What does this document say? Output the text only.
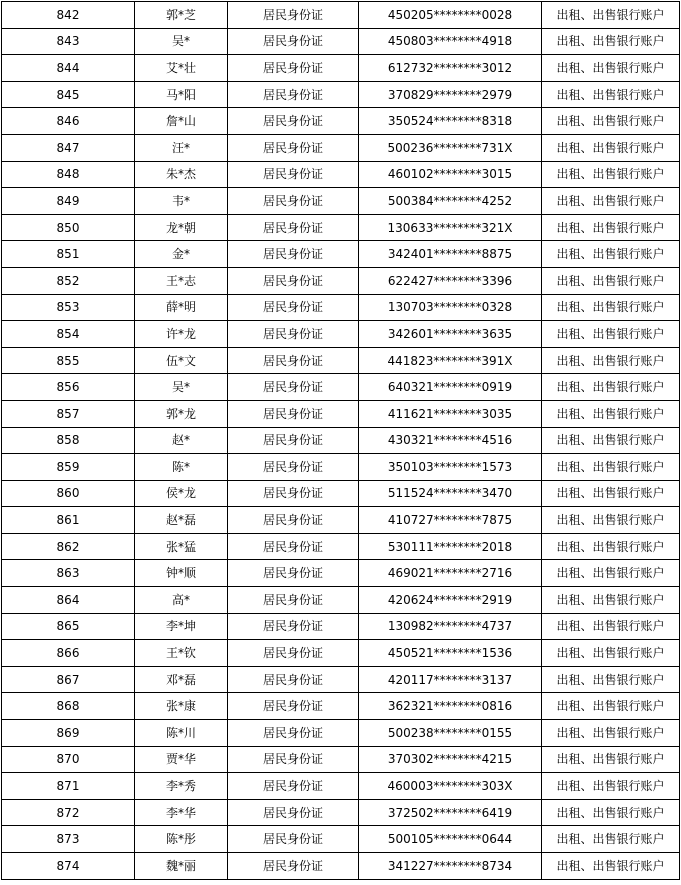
842	郭*芝	居民身份证	450205********0028	出租、出售银行账户
843	吴*	居民身份证	450803********4918	出租、出售银行账户
844	艾*壮	居民身份证	612732********3012	出租、出售银行账户
845	马*阳	居民身份证	370829********2979	出租、出售银行账户
846	詹*山	居民身份证	350524********8318	出租、出售银行账户
847	汪*	居民身份证	500236********731X	出租、出售银行账户
848	朱*杰	居民身份证	460102********3015	出租、出售银行账户
849	韦*	居民身份证	500384********4252	出租、出售银行账户
850	龙*朝	居民身份证	130633********321X	出租、出售银行账户
851	金*	居民身份证	342401********8875	出租、出售银行账户
852	王*志	居民身份证	622427********3396	出租、出售银行账户
853	薛*明	居民身份证	130703********0328	出租、出售银行账户
854	许*龙	居民身份证	342601********3635	出租、出售银行账户
855	伍*文	居民身份证	441823********391X	出租、出售银行账户
856	吴*	居民身份证	640321********0919	出租、出售银行账户
857	郭*龙	居民身份证	411621********3035	出租、出售银行账户
858	赵*	居民身份证	430321********4516	出租、出售银行账户
859	陈*	居民身份证	350103********1573	出租、出售银行账户
860	侯*龙	居民身份证	511524********3470	出租、出售银行账户
861	赵*磊	居民身份证	410727********7875	出租、出售银行账户
862	张*猛	居民身份证	530111********2018	出租、出售银行账户
863	钟*顺	居民身份证	469021********2716	出租、出售银行账户
864	高*	居民身份证	420624********2919	出租、出售银行账户
865	李*坤	居民身份证	130982********4737	出租、出售银行账户
866	王*钦	居民身份证	450521********1536	出租、出售银行账户
867	邓*磊	居民身份证	420117********3137	出租、出售银行账户
868	张*康	居民身份证	362321********0816	出租、出售银行账户
869	陈*川	居民身份证	500238********0155	出租、出售银行账户
870	贾*华	居民身份证	370302********4215	出租、出售银行账户
871	李*秀	居民身份证	460003********303X	出租、出售银行账户
872	李*华	居民身份证	372502********6419	出租、出售银行账户
873	陈*彤	居民身份证	500105********0644	出租、出售银行账户
874	魏*丽	居民身份证	341227********8734	出租、出售银行账户
